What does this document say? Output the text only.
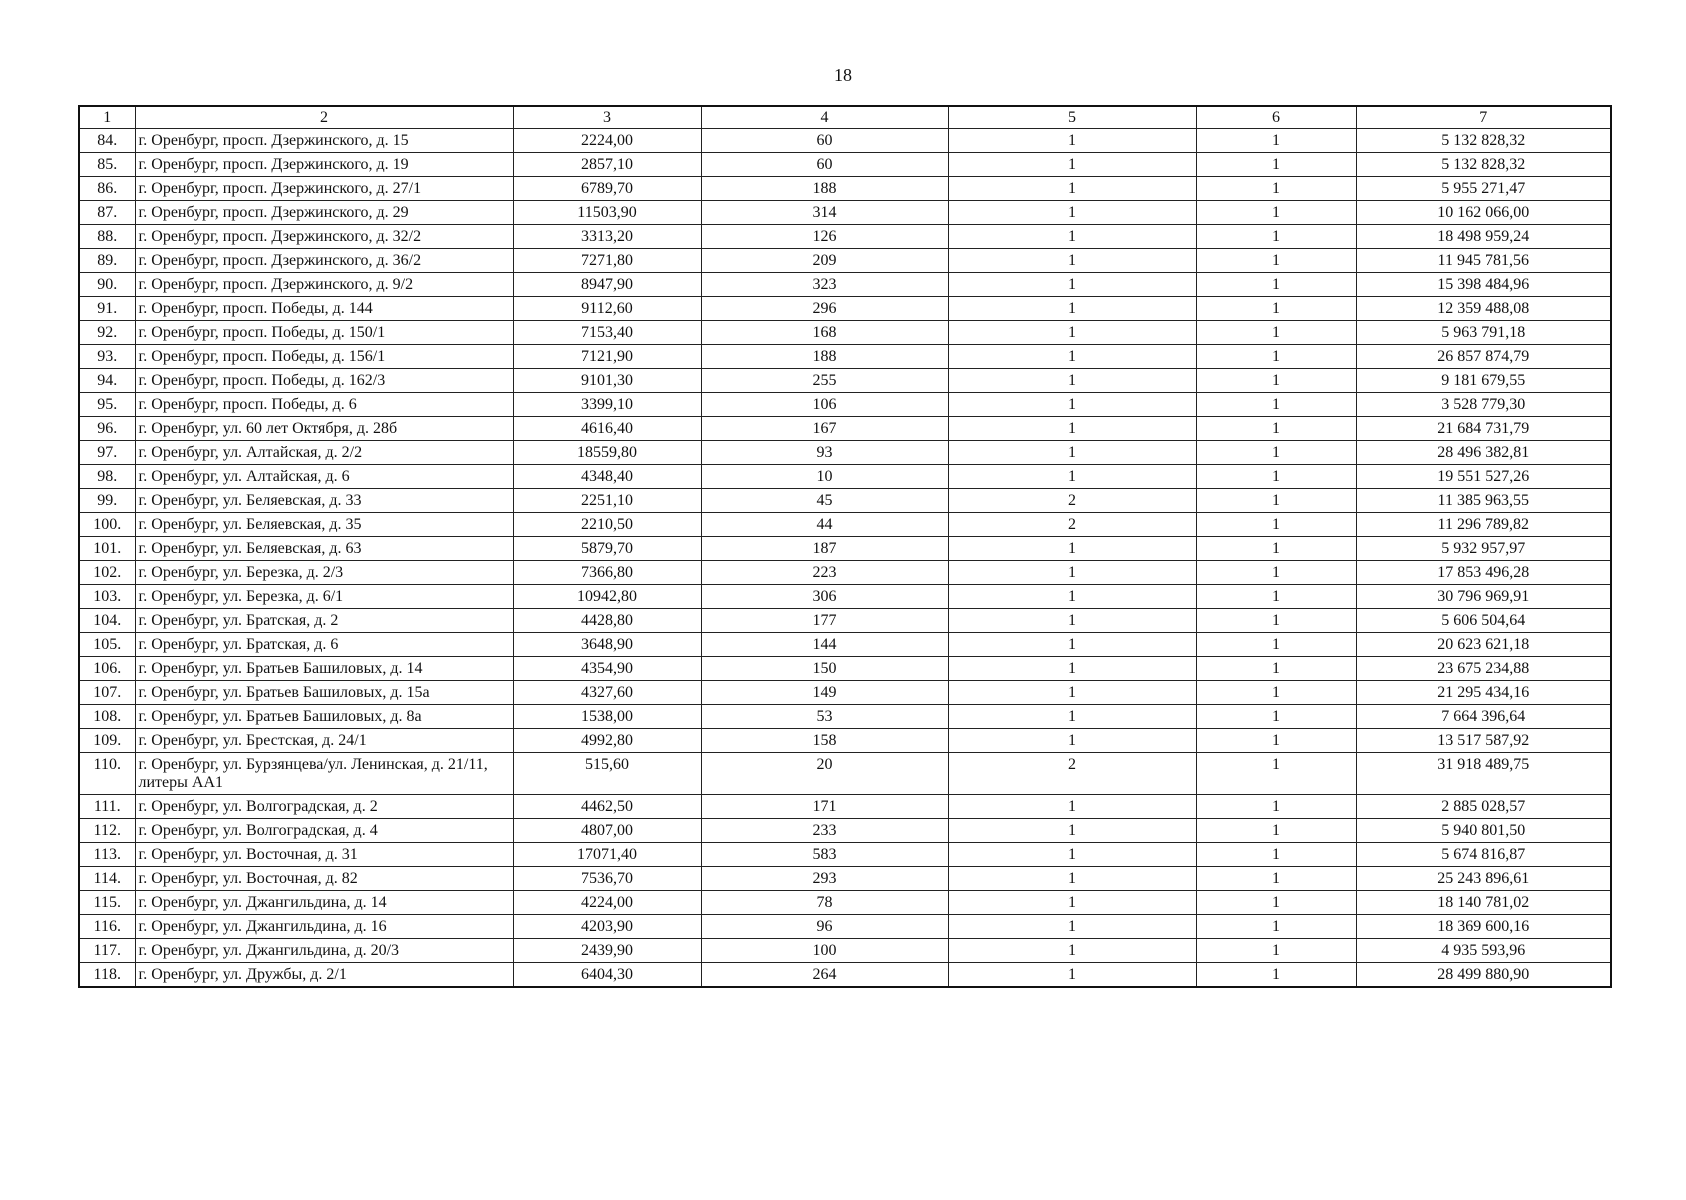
18
1	2	3	4	5	6	7
84.	г. Оренбург, просп. Дзержинского, д. 15	2224,00	60	1	1	5 132 828,32
85.	г. Оренбург, просп. Дзержинского, д. 19	2857,10	60	1	1	5 132 828,32
86.	г. Оренбург, просп. Дзержинского, д. 27/1	6789,70	188	1	1	5 955 271,47
87.	г. Оренбург, просп. Дзержинского, д. 29	11503,90	314	1	1	10 162 066,00
88.	г. Оренбург, просп. Дзержинского, д. 32/2	3313,20	126	1	1	18 498 959,24
89.	г. Оренбург, просп. Дзержинского, д. 36/2	7271,80	209	1	1	11 945 781,56
90.	г. Оренбург, просп. Дзержинского, д. 9/2	8947,90	323	1	1	15 398 484,96
91.	г. Оренбург, просп. Победы, д. 144	9112,60	296	1	1	12 359 488,08
92.	г. Оренбург, просп. Победы, д. 150/1	7153,40	168	1	1	5 963 791,18
93.	г. Оренбург, просп. Победы, д. 156/1	7121,90	188	1	1	26 857 874,79
94.	г. Оренбург, просп. Победы, д. 162/3	9101,30	255	1	1	9 181 679,55
95.	г. Оренбург, просп. Победы, д. 6	3399,10	106	1	1	3 528 779,30
96.	г. Оренбург, ул. 60 лет Октября, д. 28б	4616,40	167	1	1	21 684 731,79
97.	г. Оренбург, ул. Алтайская, д. 2/2	18559,80	93	1	1	28 496 382,81
98.	г. Оренбург, ул. Алтайская, д. 6	4348,40	10	1	1	19 551 527,26
99.	г. Оренбург, ул. Беляевская, д. 33	2251,10	45	2	1	11 385 963,55
100.	г. Оренбург, ул. Беляевская, д. 35	2210,50	44	2	1	11 296 789,82
101.	г. Оренбург, ул. Беляевская, д. 63	5879,70	187	1	1	5 932 957,97
102.	г. Оренбург, ул. Березка, д. 2/3	7366,80	223	1	1	17 853 496,28
103.	г. Оренбург, ул. Березка, д. 6/1	10942,80	306	1	1	30 796 969,91
104.	г. Оренбург, ул. Братская, д. 2	4428,80	177	1	1	5 606 504,64
105.	г. Оренбург, ул. Братская, д. 6	3648,90	144	1	1	20 623 621,18
106.	г. Оренбург, ул. Братьев Башиловых, д. 14	4354,90	150	1	1	23 675 234,88
107.	г. Оренбург, ул. Братьев Башиловых, д. 15а	4327,60	149	1	1	21 295 434,16
108.	г. Оренбург, ул. Братьев Башиловых, д. 8а	1538,00	53	1	1	7 664 396,64
109.	г. Оренбург, ул. Брестская, д. 24/1	4992,80	158	1	1	13 517 587,92
110.	г. Оренбург, ул. Бурзянцева/ул. Ленинская, д. 21/11, литеры АА1	515,60	20	2	1	31 918 489,75
111.	г. Оренбург, ул. Волгоградская, д. 2	4462,50	171	1	1	2 885 028,57
112.	г. Оренбург, ул. Волгоградская, д. 4	4807,00	233	1	1	5 940 801,50
113.	г. Оренбург, ул. Восточная, д. 31	17071,40	583	1	1	5 674 816,87
114.	г. Оренбург, ул. Восточная, д. 82	7536,70	293	1	1	25 243 896,61
115.	г. Оренбург, ул. Джангильдина, д. 14	4224,00	78	1	1	18 140 781,02
116.	г. Оренбург, ул. Джангильдина, д. 16	4203,90	96	1	1	18 369 600,16
117.	г. Оренбург, ул. Джангильдина, д. 20/3	2439,90	100	1	1	4 935 593,96
118.	г. Оренбург, ул. Дружбы, д. 2/1	6404,30	264	1	1	28 499 880,90
